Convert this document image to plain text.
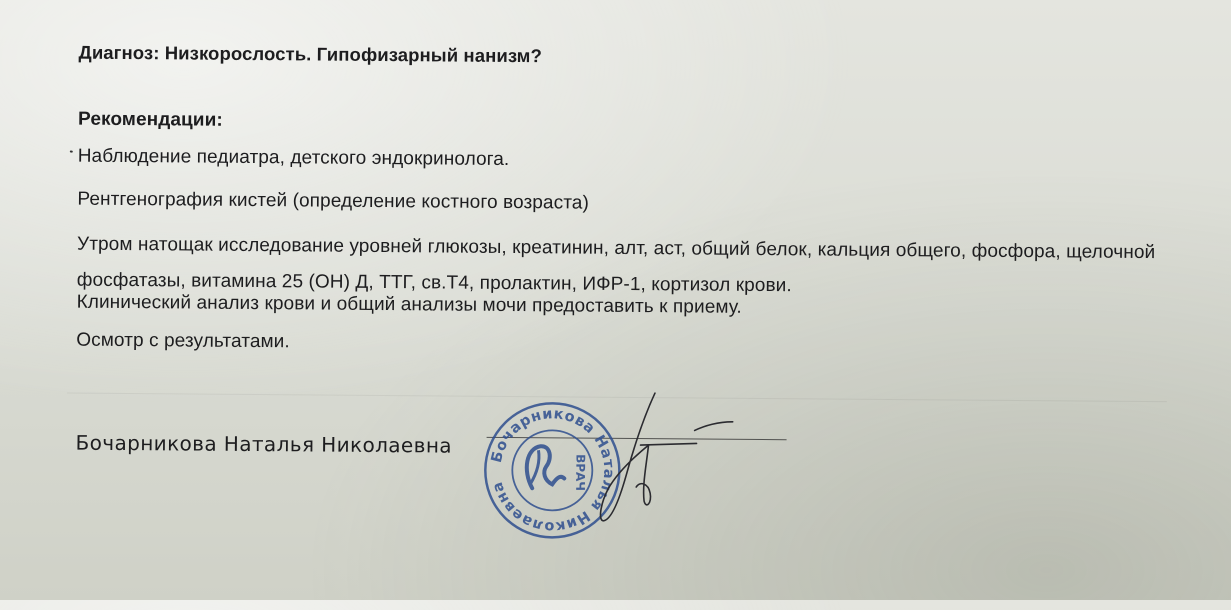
Диагноз: Низкорослость. Гипофизарный нанизм?
Рекомендации:
Наблюдение педиатра, детского эндокринолога.
Рентгенография кистей (определение костного возраста)
Утром натощак исследование уровней глюкозы, креатинин, алт, аст, общий белок, кальция общего, фосфора, щелочной фосфатазы, витамина 25 (ОН) Д, ТТГ, св.Т4, пролактин, ИФР-1, кортизол крови.
Клинический анализ крови и общий анализы мочи предоставить к приему.
Осмотр с результатами.
Бочарникова Наталья Николаевна	Бочарникова Наталья Николаевна	ВРАЧ
